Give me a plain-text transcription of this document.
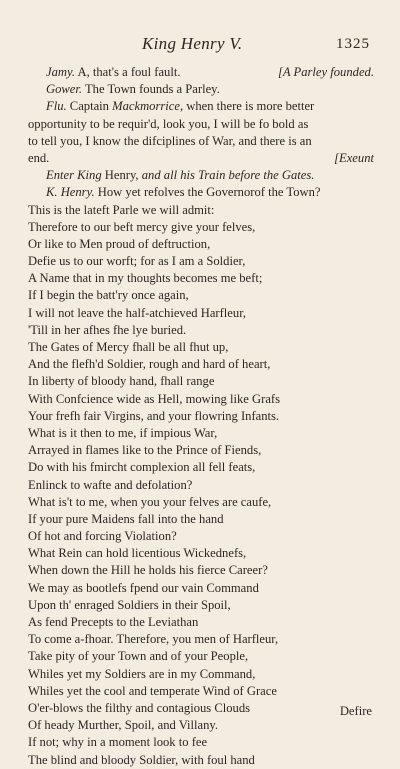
King Henry V.	1325
Jamy. A, that's a foul fault.	[A Parley founded.
Gower. The Town founds a Parley.
Flu. Captain Mackmorrice, when there is more better
opportunity to be requir'd, look you, I will be fo bold as
to tell you, I know the difciplines of War, and there is an
end.	[Exeunt
Enter King Henry, and all his Train before the Gates.
K. Henry. How yet refolves the Governorof the Town?
This is the lateft Parle we will admit:
Therefore to our beft mercy give your felves,
Or like to Men proud of deftruction,
Defie us to our worft; for as I am a Soldier,
A Name that in my thoughts becomes me beft;
If I begin the batt'ry once again,
I will not leave the half-atchieved Harfleur,
'Till in her afhes fhe lye buried.
The Gates of Mercy fhall be all fhut up,
And the flefh'd Soldier, rough and hard of heart,
In liberty of bloody hand, fhall range
With Confcience wide as Hell, mowing like Grafs
Your frefh fair Virgins, and your flowring Infants.
What is it then to me, if impious War,
Arrayed in flames like to the Prince of Fiends,
Do with his fmircht complexion all fell feats,
Enlinck to wafte and defolation?
What is't to me, when you your felves are caufe,
If your pure Maidens fall into the hand
Of hot and forcing Violation?
What Rein can hold licentious Wickednefs,
When down the Hill he holds his fierce Career?
We may as bootlefs fpend our vain Command
Upon th' enraged Soldiers in their Spoil,
As fend Precepts to the Leviathan
To come a-fhoar. Therefore, you men of Harfleur,
Take pity of your Town and of your People,
Whiles yet my Soldiers are in my Command,
Whiles yet the cool and temperate Wind of Grace
O'er-blows the filthy and contagious Clouds
Of heady Murther, Spoil, and Villany.
If not; why in a moment look to fee
The blind and bloody Soldier, with foul hand
Defire
